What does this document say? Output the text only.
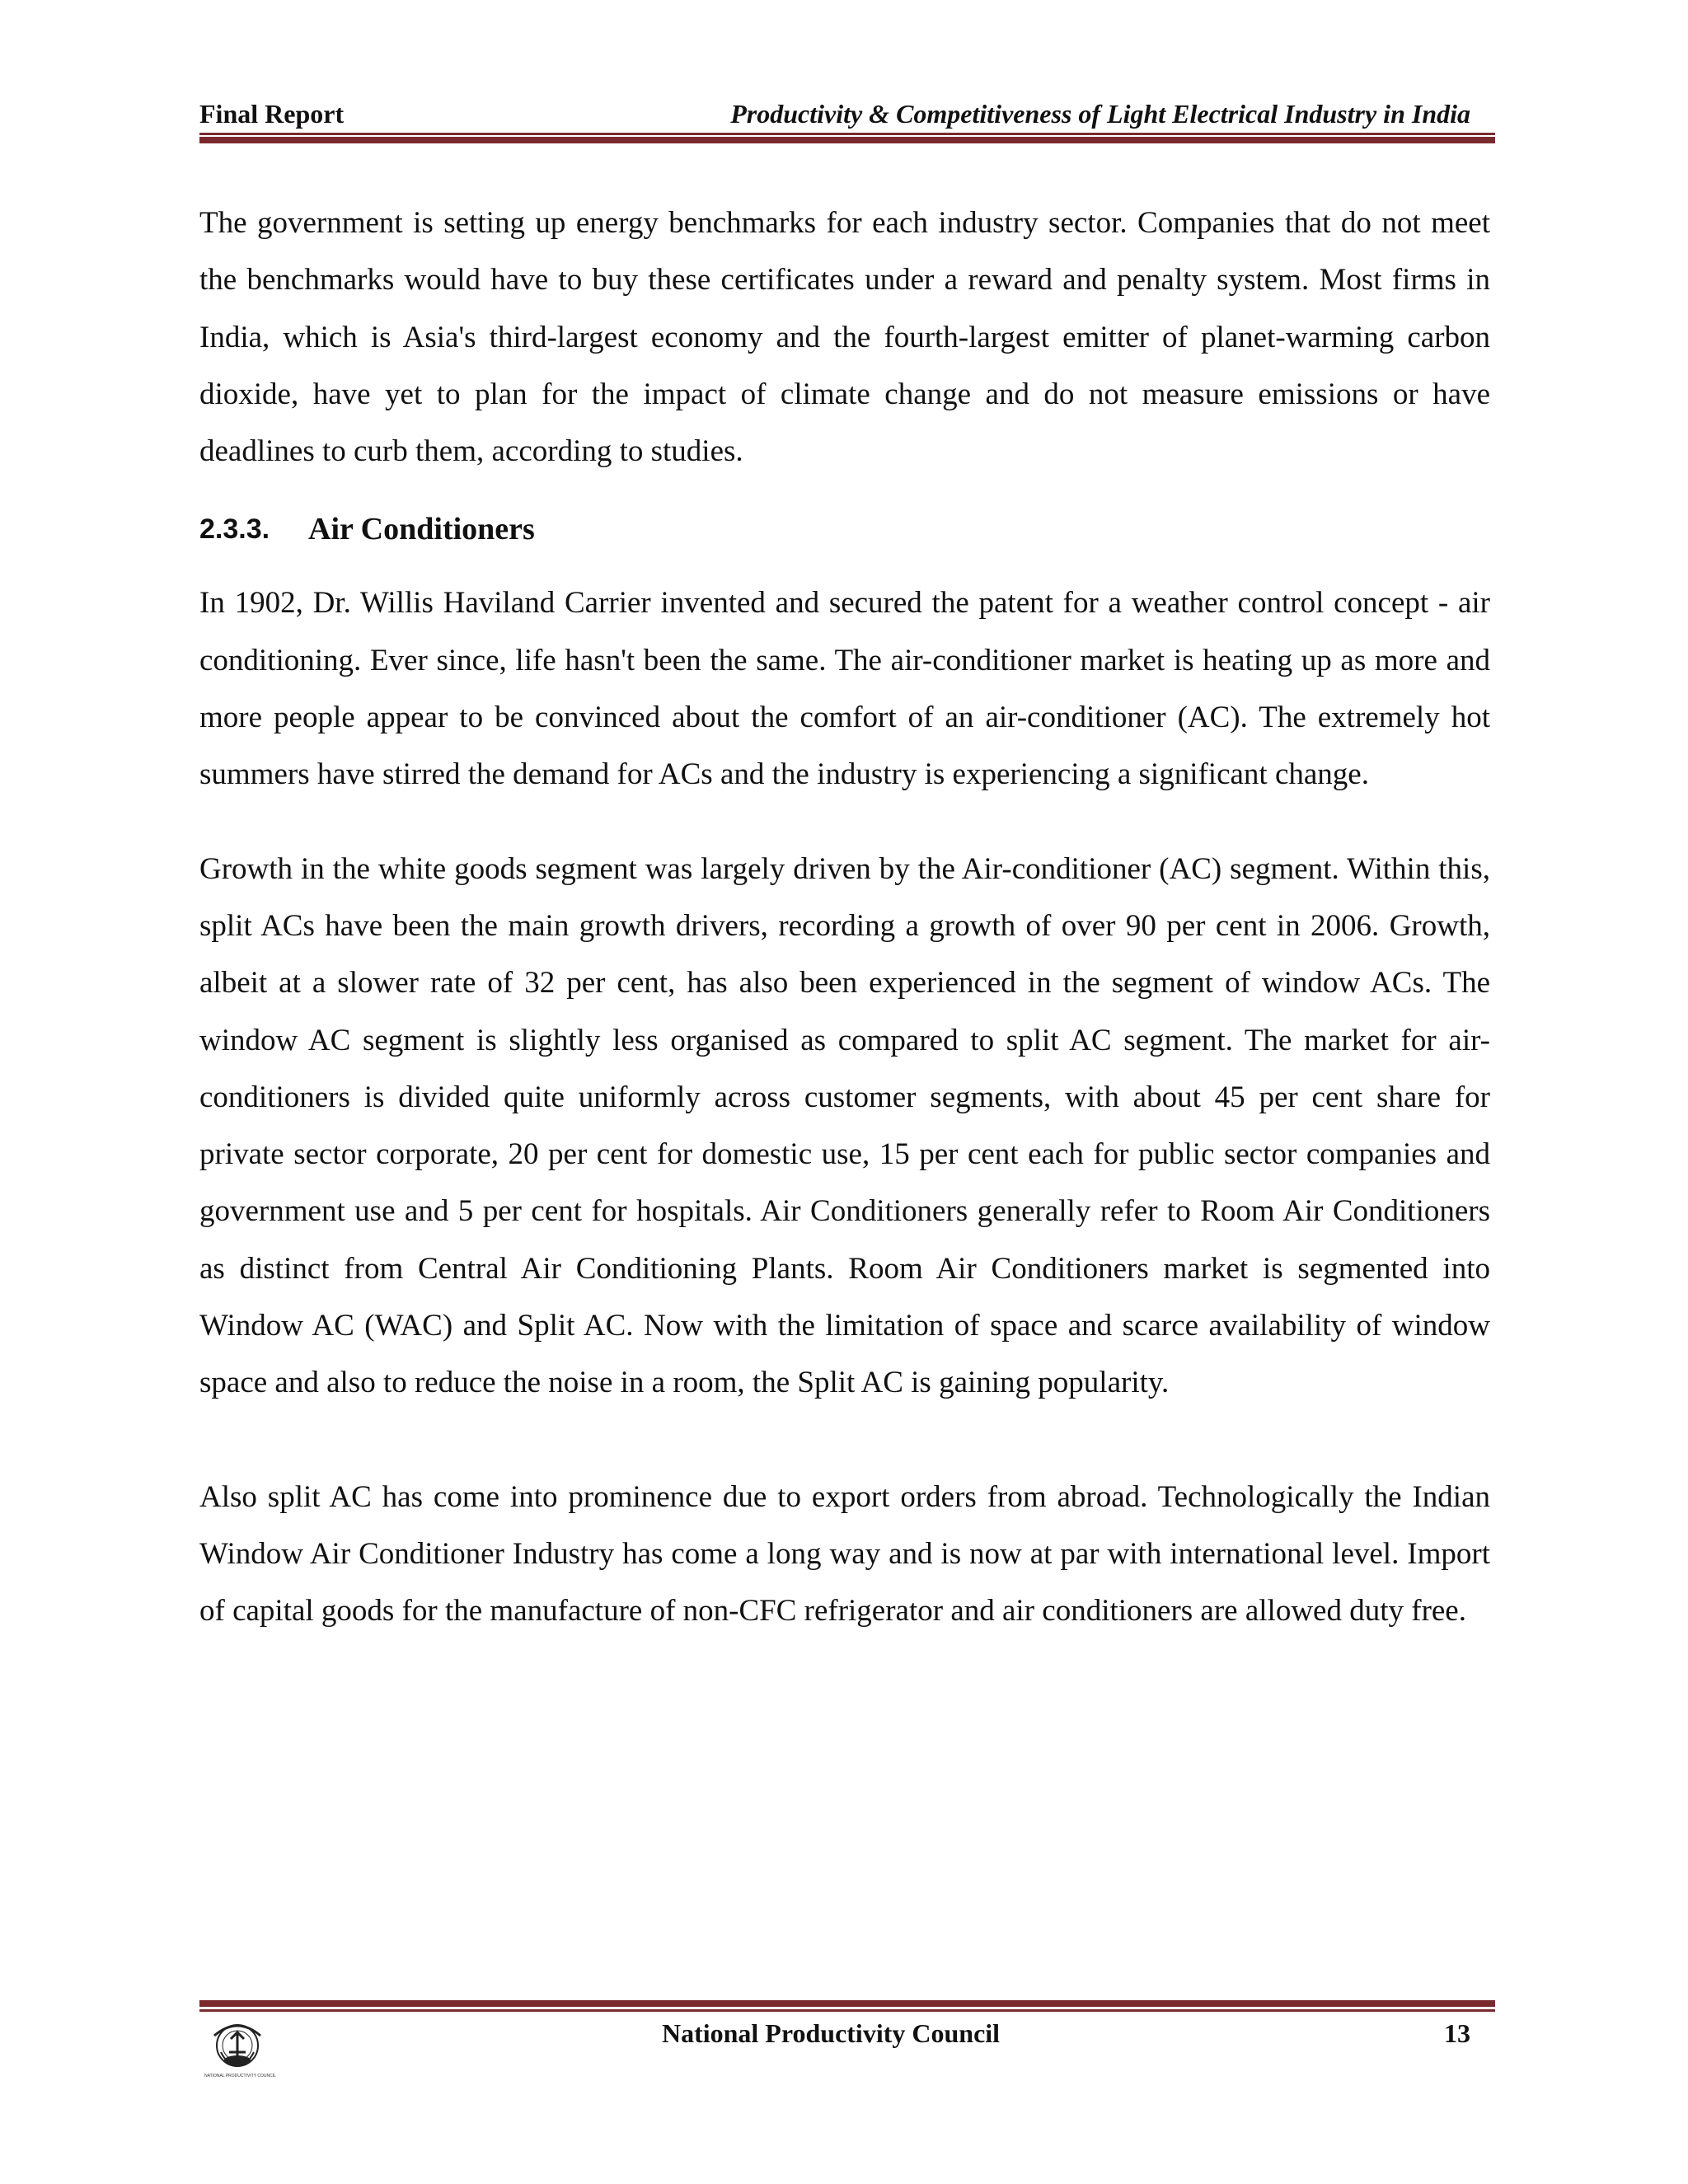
Final Report	Productivity & Competitiveness of Light Electrical Industry in India

The government is setting up energy benchmarks for each industry sector. Companies that do not meet the benchmarks would have to buy these certificates under a reward and penalty system. Most firms in India, which is Asia's third-largest economy and the fourth-largest emitter of planet-warming carbon dioxide, have yet to plan for the impact of climate change and do not measure emissions or have deadlines to curb them, according to studies.

2.3.3.	Air Conditioners

In 1902, Dr. Willis Haviland Carrier invented and secured the patent for a weather control concept - air conditioning. Ever since, life hasn't been the same. The air-conditioner market is heating up as more and more people appear to be convinced about the comfort of an air-conditioner (AC). The extremely hot summers have stirred the demand for ACs and the industry is experiencing a significant change.

Growth in the white goods segment was largely driven by the Air-conditioner (AC) segment. Within this, split ACs have been the main growth drivers, recording a growth of over 90 per cent in 2006. Growth, albeit at a slower rate of 32 per cent, has also been experienced in the segment of window ACs. The window AC segment is slightly less organised as compared to split AC segment. The market for air-conditioners is divided quite uniformly across customer segments, with about 45 per cent share for private sector corporate, 20 per cent for domestic use, 15 per cent each for public sector companies and government use and 5 per cent for hospitals. Air Conditioners generally refer to Room Air Conditioners as distinct from Central Air Conditioning Plants. Room Air Conditioners market is segmented into Window AC (WAC) and Split AC. Now with the limitation of space and scarce availability of window space and also to reduce the noise in a room, the Split AC is gaining popularity.

Also split AC has come into prominence due to export orders from abroad. Technologically the Indian Window Air Conditioner Industry has come a long way and is now at par with international level. Import of capital goods for the manufacture of non-CFC refrigerator and air conditioners are allowed duty free.

NATIONAL PRODUCTIVITY COUNCIL
National Productivity Council	13
